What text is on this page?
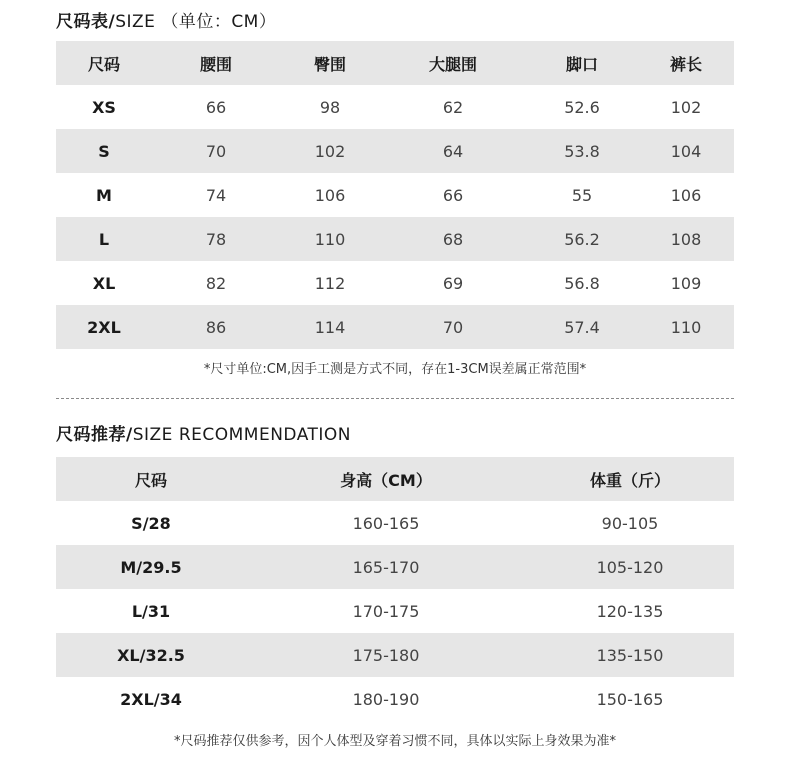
尺码表/SIZE （单位：CM）
尺码	腰围	臀围	大腿围	脚口	裤长
XS	66	98	62	52.6	102
S	70	102	64	53.8	104
M	74	106	66	55	106
L	78	110	68	56.2	108
XL	82	112	69	56.8	109
2XL	86	114	70	57.4	110
*尺寸单位:CM,因手工测是方式不同，存在1-3CM误差属正常范围*
尺码推荐/SIZE RECOMMENDATION
尺码	身高（CM）	体重（斤）
S/28	160-165	90-105
M/29.5	165-170	105-120
L/31	170-175	120-135
XL/32.5	175-180	135-150
2XL/34	180-190	150-165
*尺码推荐仅供参考，因个人体型及穿着习惯不同，具体以实际上身效果为准*
